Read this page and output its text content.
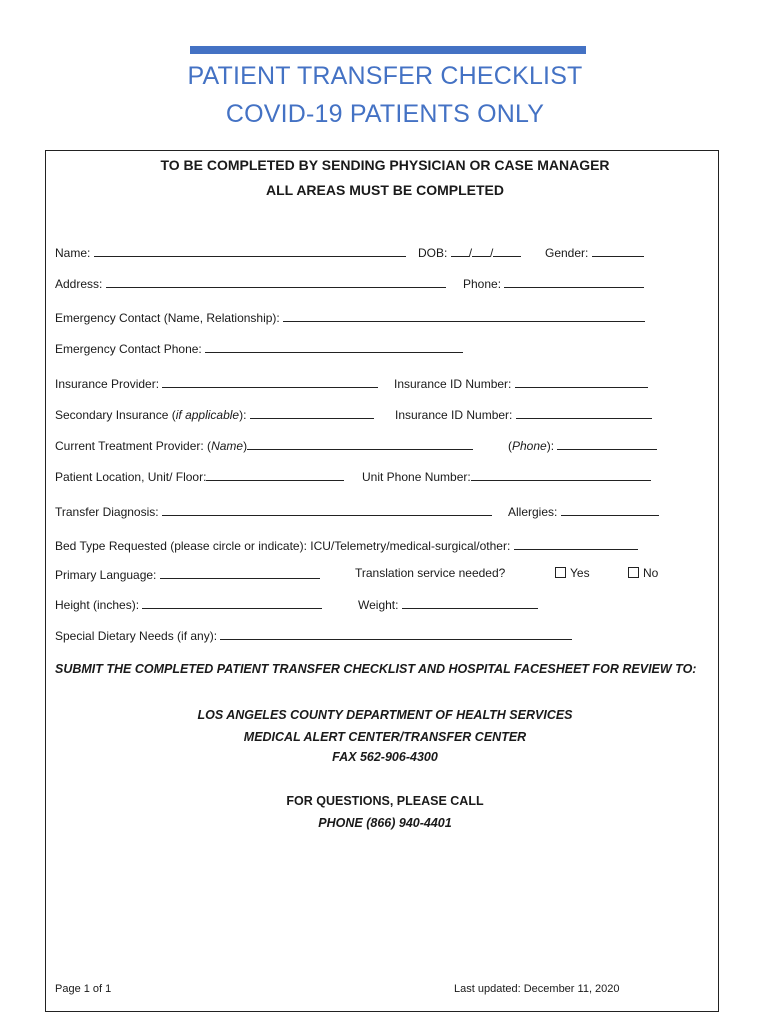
PATIENT TRANSFER CHECKLIST
COVID-19 PATIENTS ONLY
TO BE COMPLETED BY SENDING PHYSICIAN OR CASE MANAGER
ALL AREAS MUST BE COMPLETED
Name:	DOB: / /	Gender:
Address:	Phone:
Emergency Contact (Name, Relationship):
Emergency Contact Phone:
Insurance Provider:	Insurance ID Number:
Secondary Insurance (if applicable):	Insurance ID Number:
Current Treatment Provider: (Name)	(Phone):
Patient Location, Unit/ Floor:	Unit Phone Number:
Transfer Diagnosis:	Allergies:
Bed Type Requested (please circle or indicate): ICU/Telemetry/medical-surgical/other:
Primary Language:	Translation service needed?	Yes	No
Height (inches):	Weight:
Special Dietary Needs (if any):
SUBMIT THE COMPLETED PATIENT TRANSFER CHECKLIST AND HOSPITAL FACESHEET FOR REVIEW TO:
LOS ANGELES COUNTY DEPARTMENT OF HEALTH SERVICES
MEDICAL ALERT CENTER/TRANSFER CENTER
FAX 562-906-4300
FOR QUESTIONS, PLEASE CALL
PHONE (866) 940-4401
Page 1 of 1	Last updated: December 11, 2020
